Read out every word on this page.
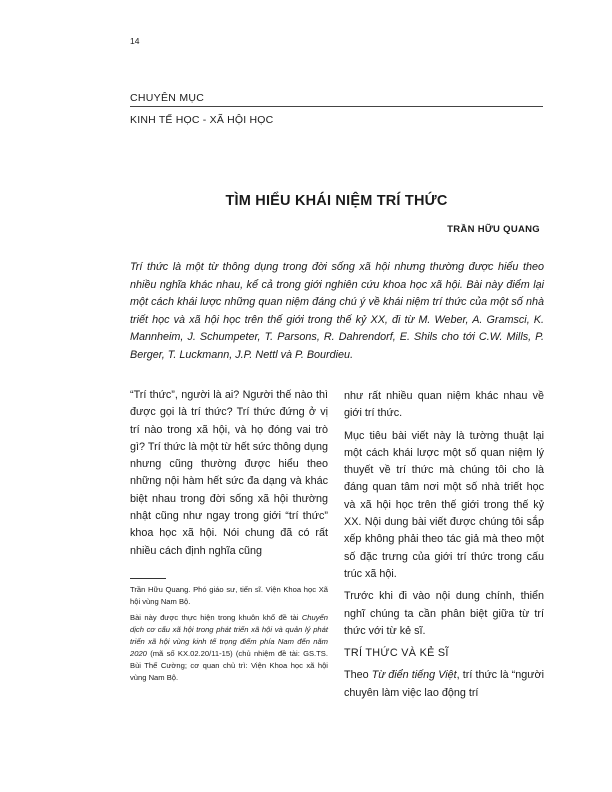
14
CHUYÊN MỤC
KINH TẾ HỌC - XÃ HỘI HỌC
TÌM HIỂU KHÁI NIỆM TRÍ THỨC
TRẦN HỮU QUANG
Trí thức là một từ thông dụng trong đời sống xã hội nhưng thường được hiểu theo nhiều nghĩa khác nhau, kể cả trong giới nghiên cứu khoa học xã hội. Bài này điểm lại một cách khái lược những quan niệm đáng chú ý về khái niệm trí thức của một số nhà triết học và xã hội học trên thế giới trong thế kỷ XX, đi từ M. Weber, A. Gramsci, K. Mannheim, J. Schumpeter, T. Parsons, R. Dahrendorf, E. Shils cho tới C.W. Mills, P. Berger, T. Luckmann, J.P. Nettl và P. Bourdieu.

“Trí thức”, người là ai? Người thế nào thì được gọi là trí thức? Trí thức đứng ở vị trí nào trong xã hội, và họ đóng vai trò gì? Trí thức là một từ hết sức thông dụng nhưng cũng thường được hiểu theo những nội hàm hết sức đa dạng và khác biệt nhau trong đời sống xã hội thường nhật cũng như ngay trong giới “trí thức” khoa học xã hội. Nói chung đã có rất nhiều cách định nghĩa cũng

Trần Hữu Quang. Phó giáo sư, tiến sĩ. Viện Khoa học Xã hội vùng Nam Bộ.

Bài này được thực hiện trong khuôn khổ đề tài Chuyển dịch cơ cấu xã hội trong phát triển xã hội và quản lý phát triển xã hội vùng kinh tế trọng điểm phía Nam đến năm 2020 (mã số KX.02.20/11-15) (chủ nhiệm đề tài: GS.TS. Bùi Thế Cường; cơ quan chủ trì: Viện Khoa học xã hội vùng Nam Bộ.

như rất nhiều quan niệm khác nhau về giới trí thức.

Mục tiêu bài viết này là tường thuật lại một cách khái lược một số quan niệm lý thuyết về trí thức mà chúng tôi cho là đáng quan tâm nơi một số nhà triết học và xã hội học trên thế giới trong thế kỷ XX. Nội dung bài viết được chúng tôi sắp xếp không phải theo tác giả mà theo một số đặc trưng của giới trí thức trong cấu trúc xã hội.

Trước khi đi vào nội dung chính, thiển nghĩ chúng ta cần phân biệt giữa từ trí thức với từ kẻ sĩ.

TRÍ THỨC VÀ KẺ SĨ

Theo Từ điển tiếng Việt, trí thức là “người chuyên làm việc lao động trí
